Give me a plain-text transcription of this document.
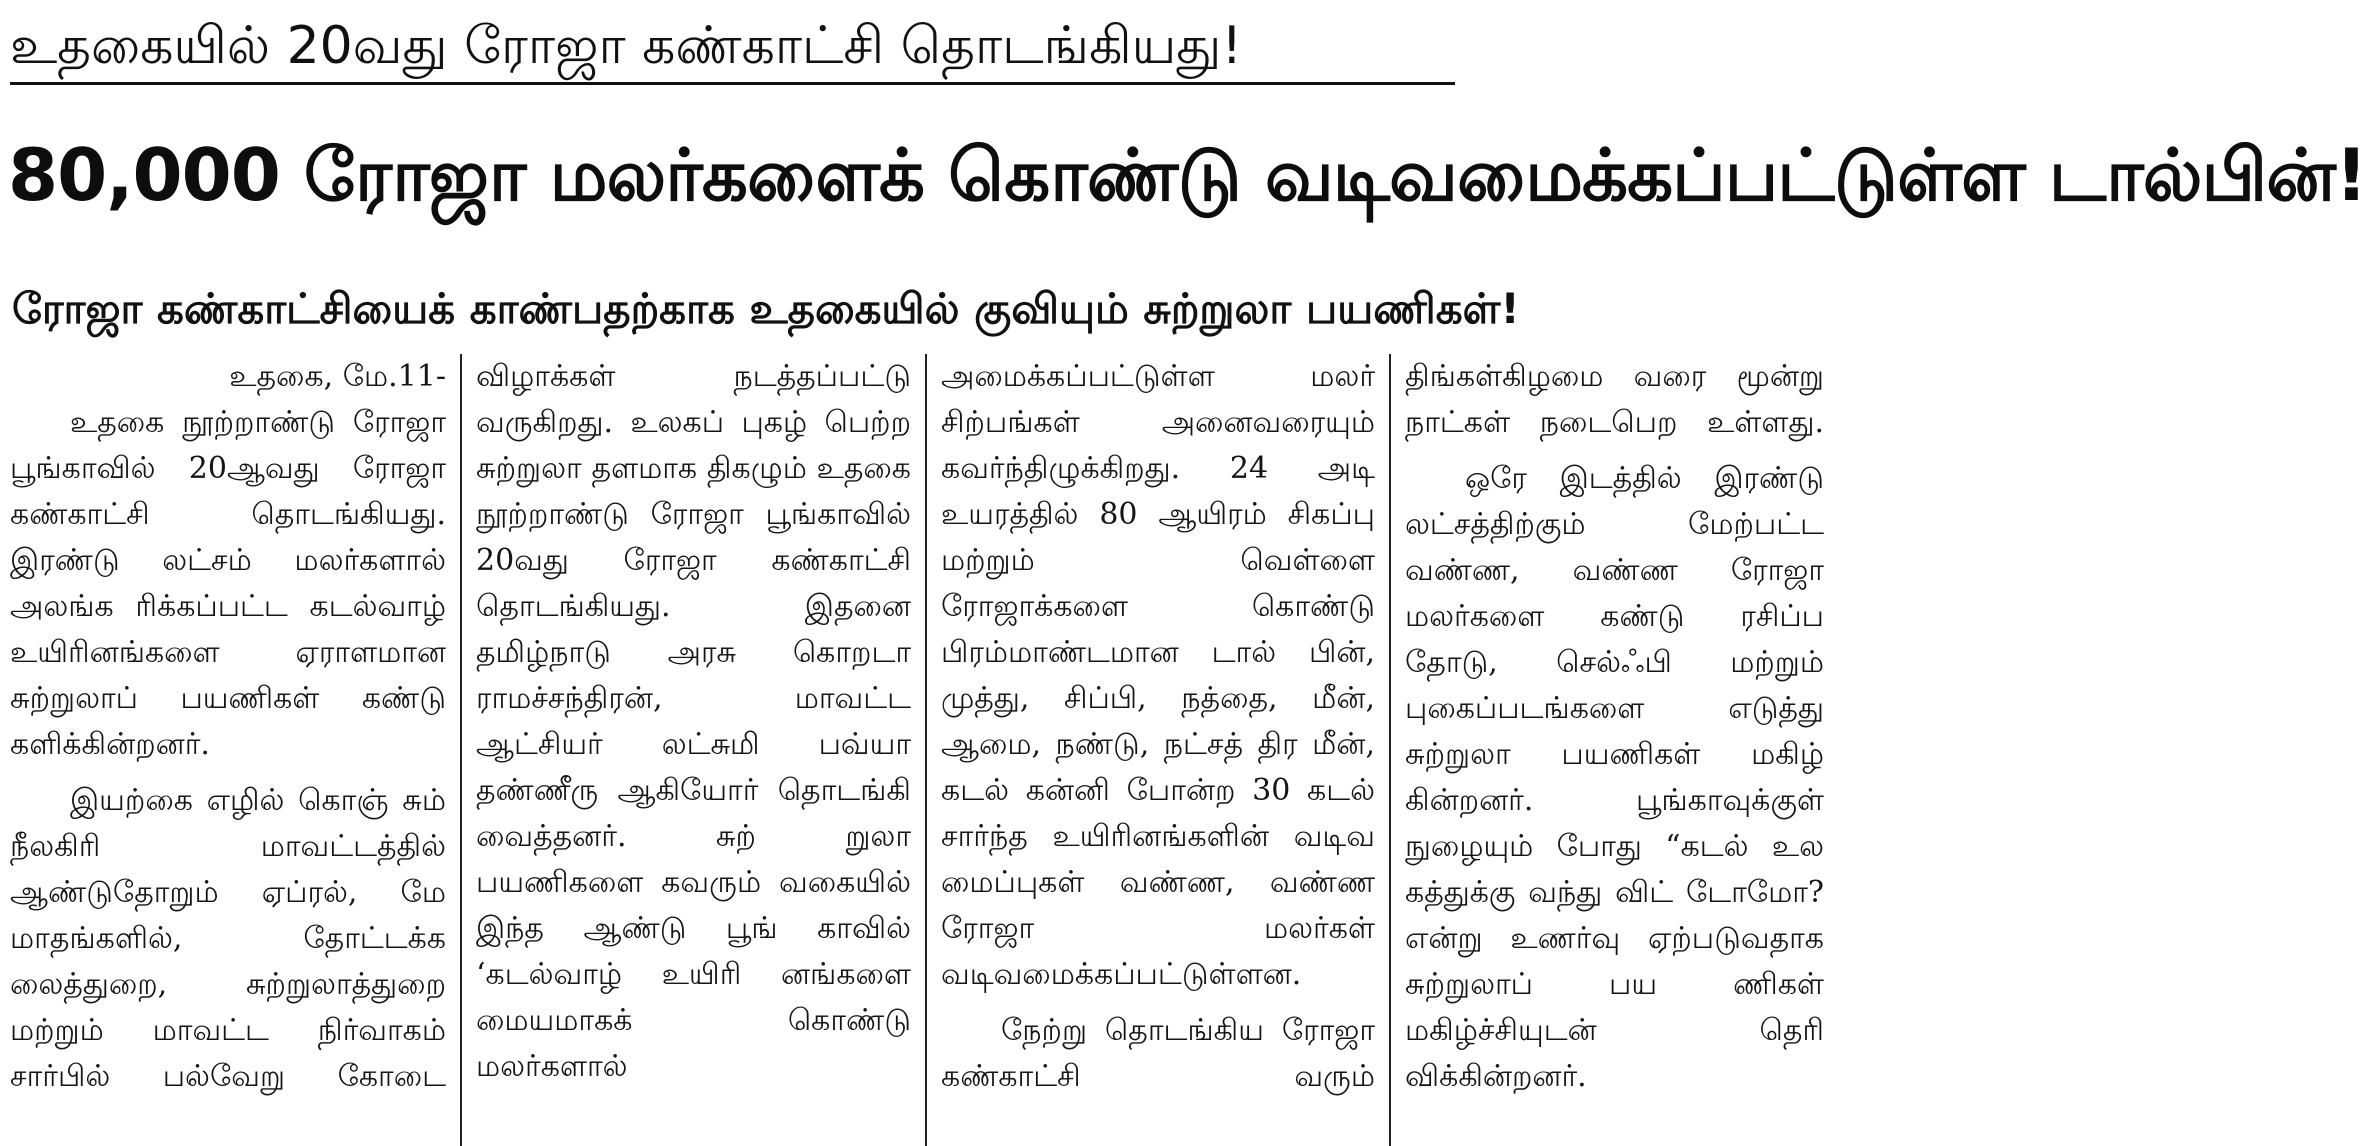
உதகையில் 20வது ரோஜா கண்காட்சி தொடங்கியது!
80,000 ரோஜா மலர்களைக் கொண்டு வடிவமைக்கப்பட்டுள்ள டால்பின்!
ரோஜா கண்காட்சியைக் காண்பதற்காக உதகையில் குவியும் சுற்றுலா பயணிகள்!
உதகை, மே.11-

உதகை நூற்றாண்டு ரோஜா பூங்காவில் 20ஆவது ரோஜா கண்காட்சி தொடங்கியது. இரண்டு லட்சம் மலர்களால் அலங்க ரிக்கப்பட்ட கடல்வாழ் உயிரினங்களை ஏராளமான சுற்றுலாப் பயணிகள் கண்டு களிக்கின்றனர்.

இயற்கை எழில் கொஞ் சும் நீலகிரி மாவட்டத்தில் ஆண்டுதோறும் ஏப்ரல், மே மாதங்களில், தோட்டக்க லைத்துறை, சுற்றுலாத்துறை மற்றும் மாவட்ட நிர்வாகம் சார்பில் பல்வேறு கோடை

விழாக்கள் நடத்தப்பட்டு வருகிறது. உலகப் புகழ் பெற்ற சுற்றுலா தளமாக திகழும் உதகை நூற்றாண்டு ரோஜா பூங்காவில் 20வது ரோஜா கண்காட்சி தொடங்கியது. இதனை தமிழ்நாடு அரசு கொறடா ராமச்சந்திரன், மாவட்ட ஆட்சியர் லட்சுமி பவ்யா தண்ணீரு ஆகியோர் தொடங்கி வைத்தனர். சுற் றுலா பயணிகளை கவரும் வகையில் இந்த ஆண்டு பூங் காவில் ‘கடல்வாழ் உயிரி னங்களை மையமாகக் கொண்டு மலர்களால்

அமைக்கப்பட்டுள்ள மலர் சிற்பங்கள் அனைவரையும் கவர்ந்திழுக்கிறது. 24 அடி உயரத்தில் 80 ஆயிரம் சிகப்பு மற்றும் வெள்ளை ரோஜாக்களை கொண்டு பிரம்மாண்டமான டால் பின், முத்து, சிப்பி, நத்தை, மீன், ஆமை, நண்டு, நட்சத் திர மீன், கடல் கன்னி போன்ற 30 கடல் சார்ந்த உயிரினங்களின் வடிவ மைப்புகள் வண்ண, வண்ண ரோஜா மலர்கள் வடிவமைக்கப்பட்டுள்ளன.

நேற்று தொடங்கிய ரோஜா கண்காட்சி வரும்

திங்கள்கிழமை வரை மூன்று நாட்கள் நடைபெற உள்ளது.

ஒரே இடத்தில் இரண்டு லட்சத்திற்கும் மேற்பட்ட வண்ண, வண்ண ரோஜா மலர்களை கண்டு ரசிப்ப தோடு, செல்ஃபி மற்றும் புகைப்படங்களை எடுத்து சுற்றுலா பயணிகள் மகிழ் கின்றனர். பூங்காவுக்குள் நுழையும் போது “கடல் உல கத்துக்கு வந்து விட் டோமோ? என்று உணர்வு ஏற்படுவதாக சுற்றுலாப் பய ணிகள் மகிழ்ச்சியுடன் தெரி விக்கின்றனர்.
